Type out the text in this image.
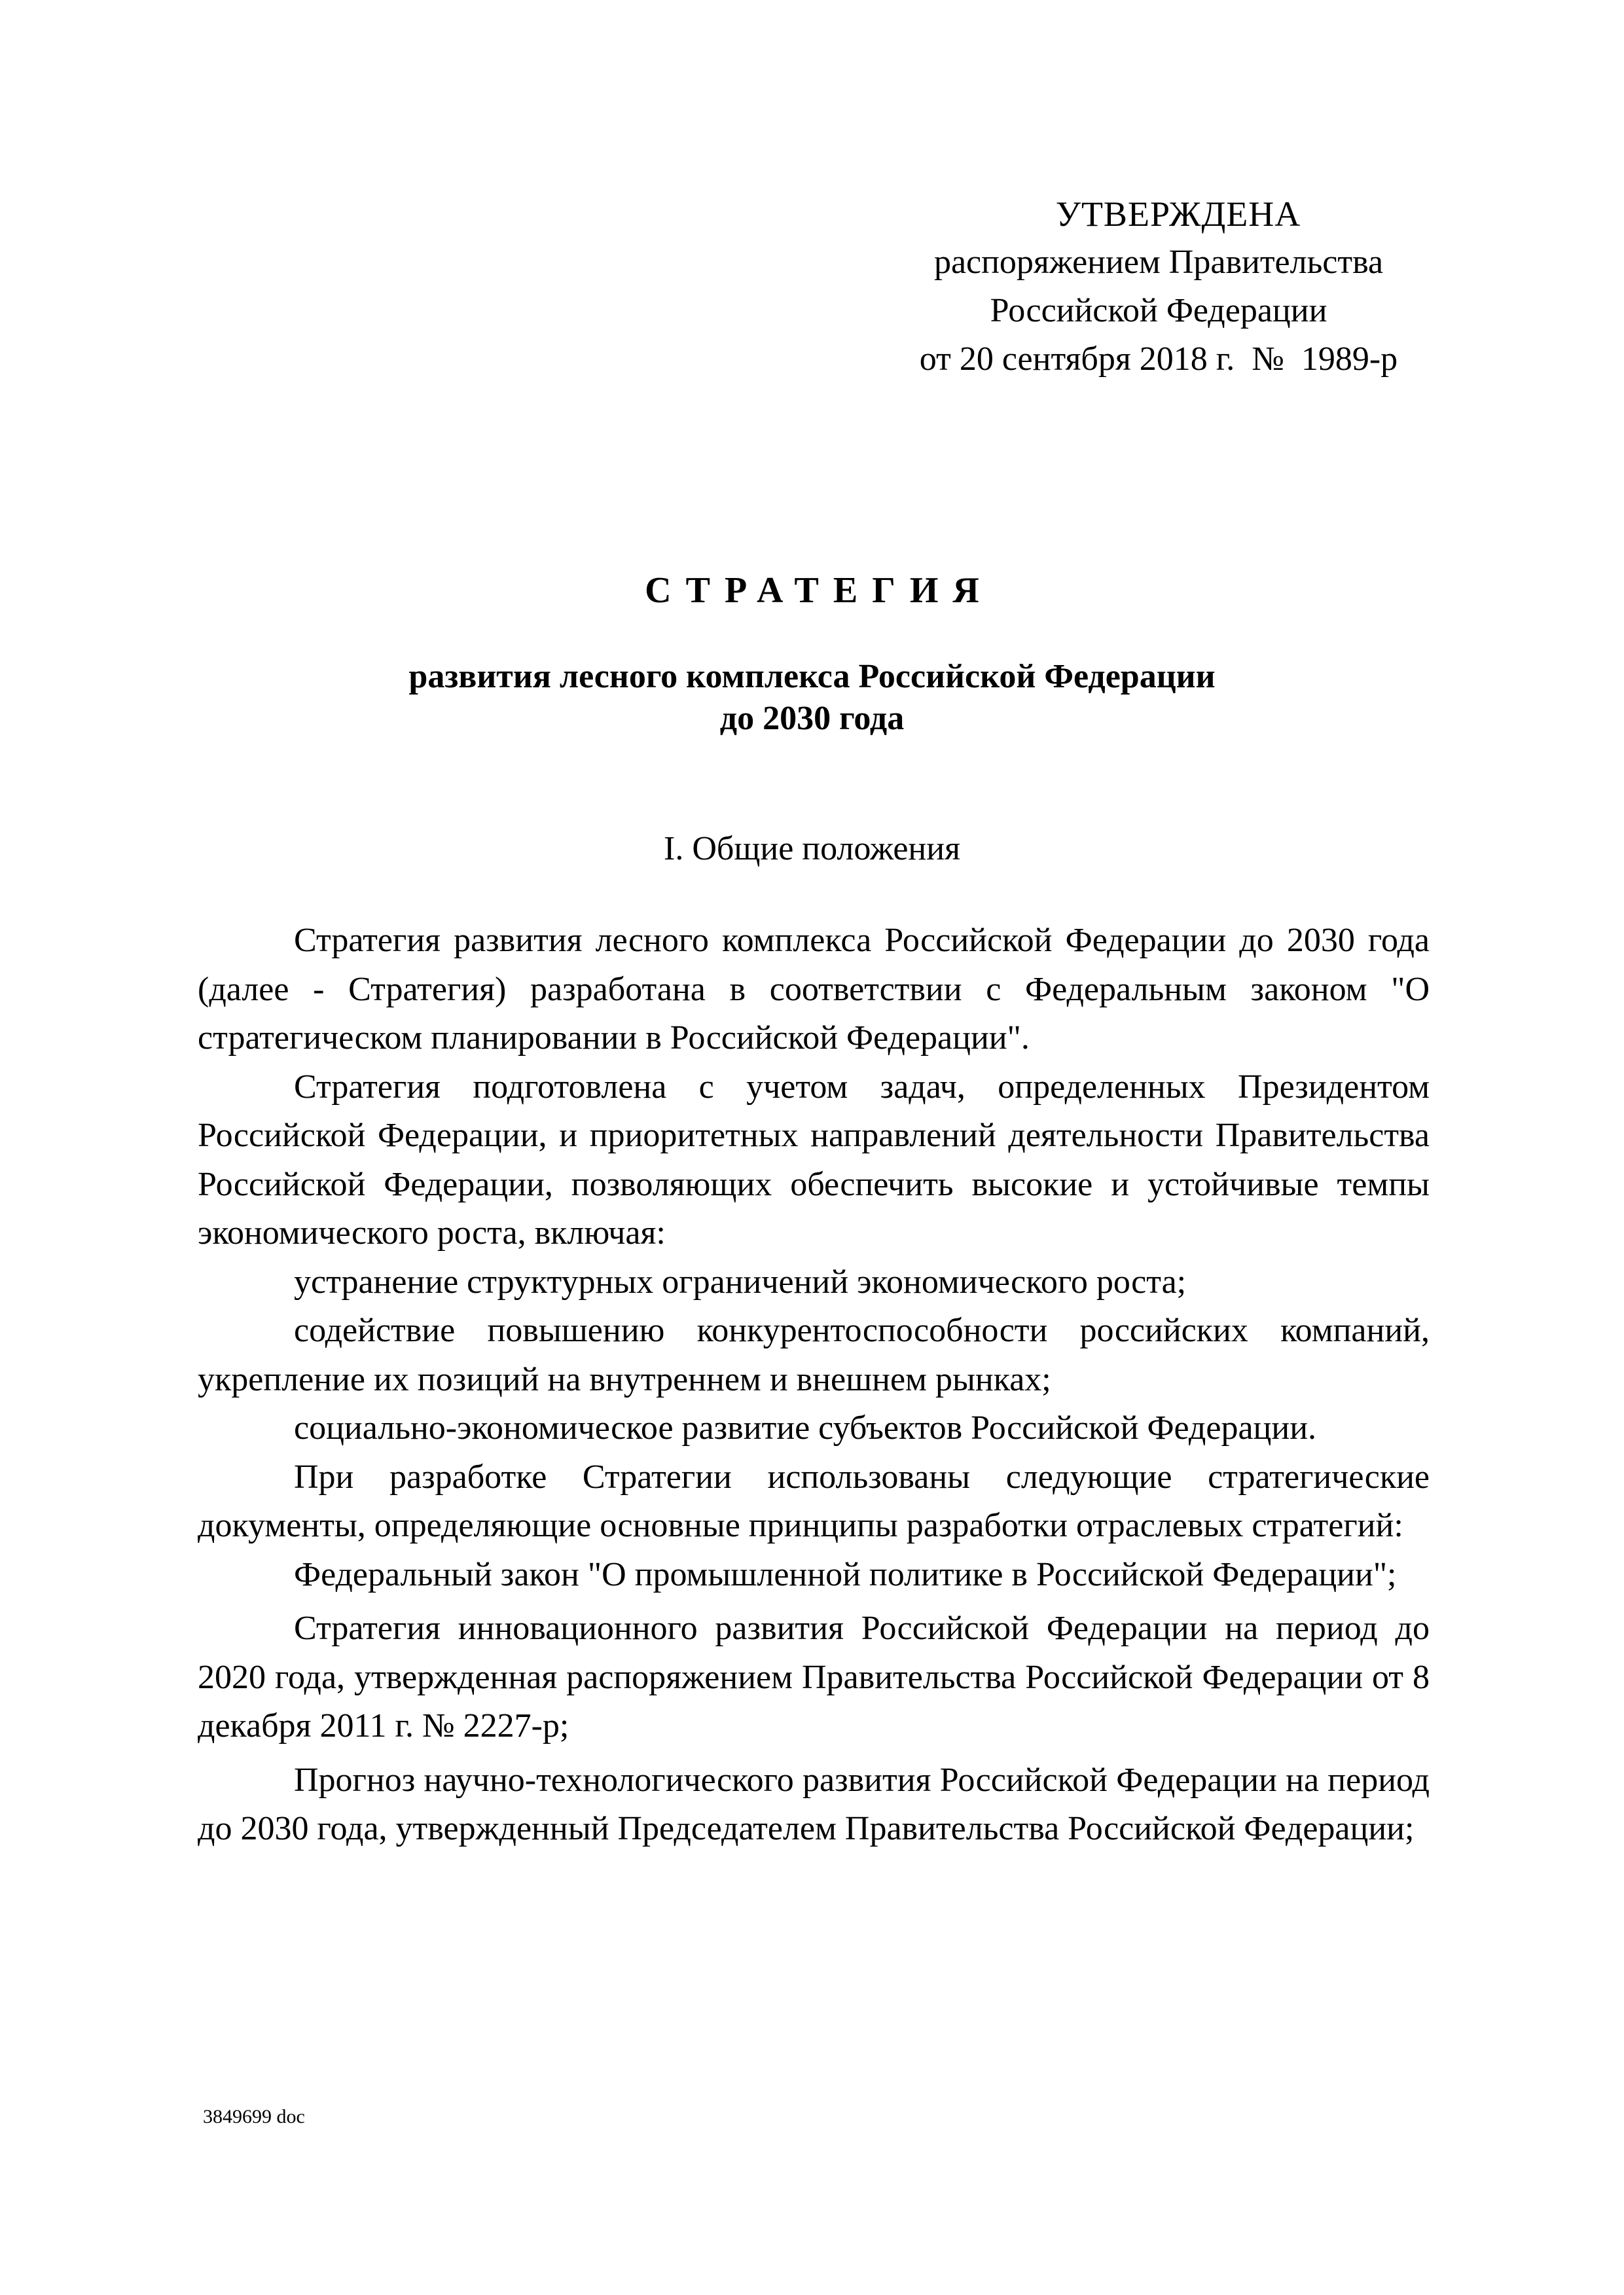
УТВЕРЖДЕНА
распоряжением Правительства
Российской Федерации
от 20 сентября 2018 г.  №  1989-р
СТРАТЕГИЯ
развития лесного комплекса Российской Федерации
до 2030 года
I. Общие положения

Стратегия развития лесного комплекса Российской Федерации до 2030 года (далее - Стратегия) разработана в соответствии с Федеральным законом "О стратегическом планировании в Российской Федерации".

Стратегия подготовлена с учетом задач, определенных Президентом Российской Федерации, и приоритетных направлений деятельности Правительства Российской Федерации, позволяющих обеспечить высокие и устойчивые темпы экономического роста, включая:

устранение структурных ограничений экономического роста;

содействие повышению конкурентоспособности российских компаний, укрепление их позиций на внутреннем и внешнем рынках;

социально-экономическое развитие субъектов Российской Федерации.

При разработке Стратегии использованы следующие стратегические документы, определяющие основные принципы разработки отраслевых стратегий:

Федеральный закон "О промышленной политике в Российской Федерации";

Стратегия инновационного развития Российской Федерации на период до 2020 года, утвержденная распоряжением Правительства Российской Федерации от 8 декабря 2011 г. № 2227-р;

Прогноз научно-технологического развития Российской Федерации на период до 2030 года, утвержденный Председателем Правительства Российской Федерации;

3849699 doc
